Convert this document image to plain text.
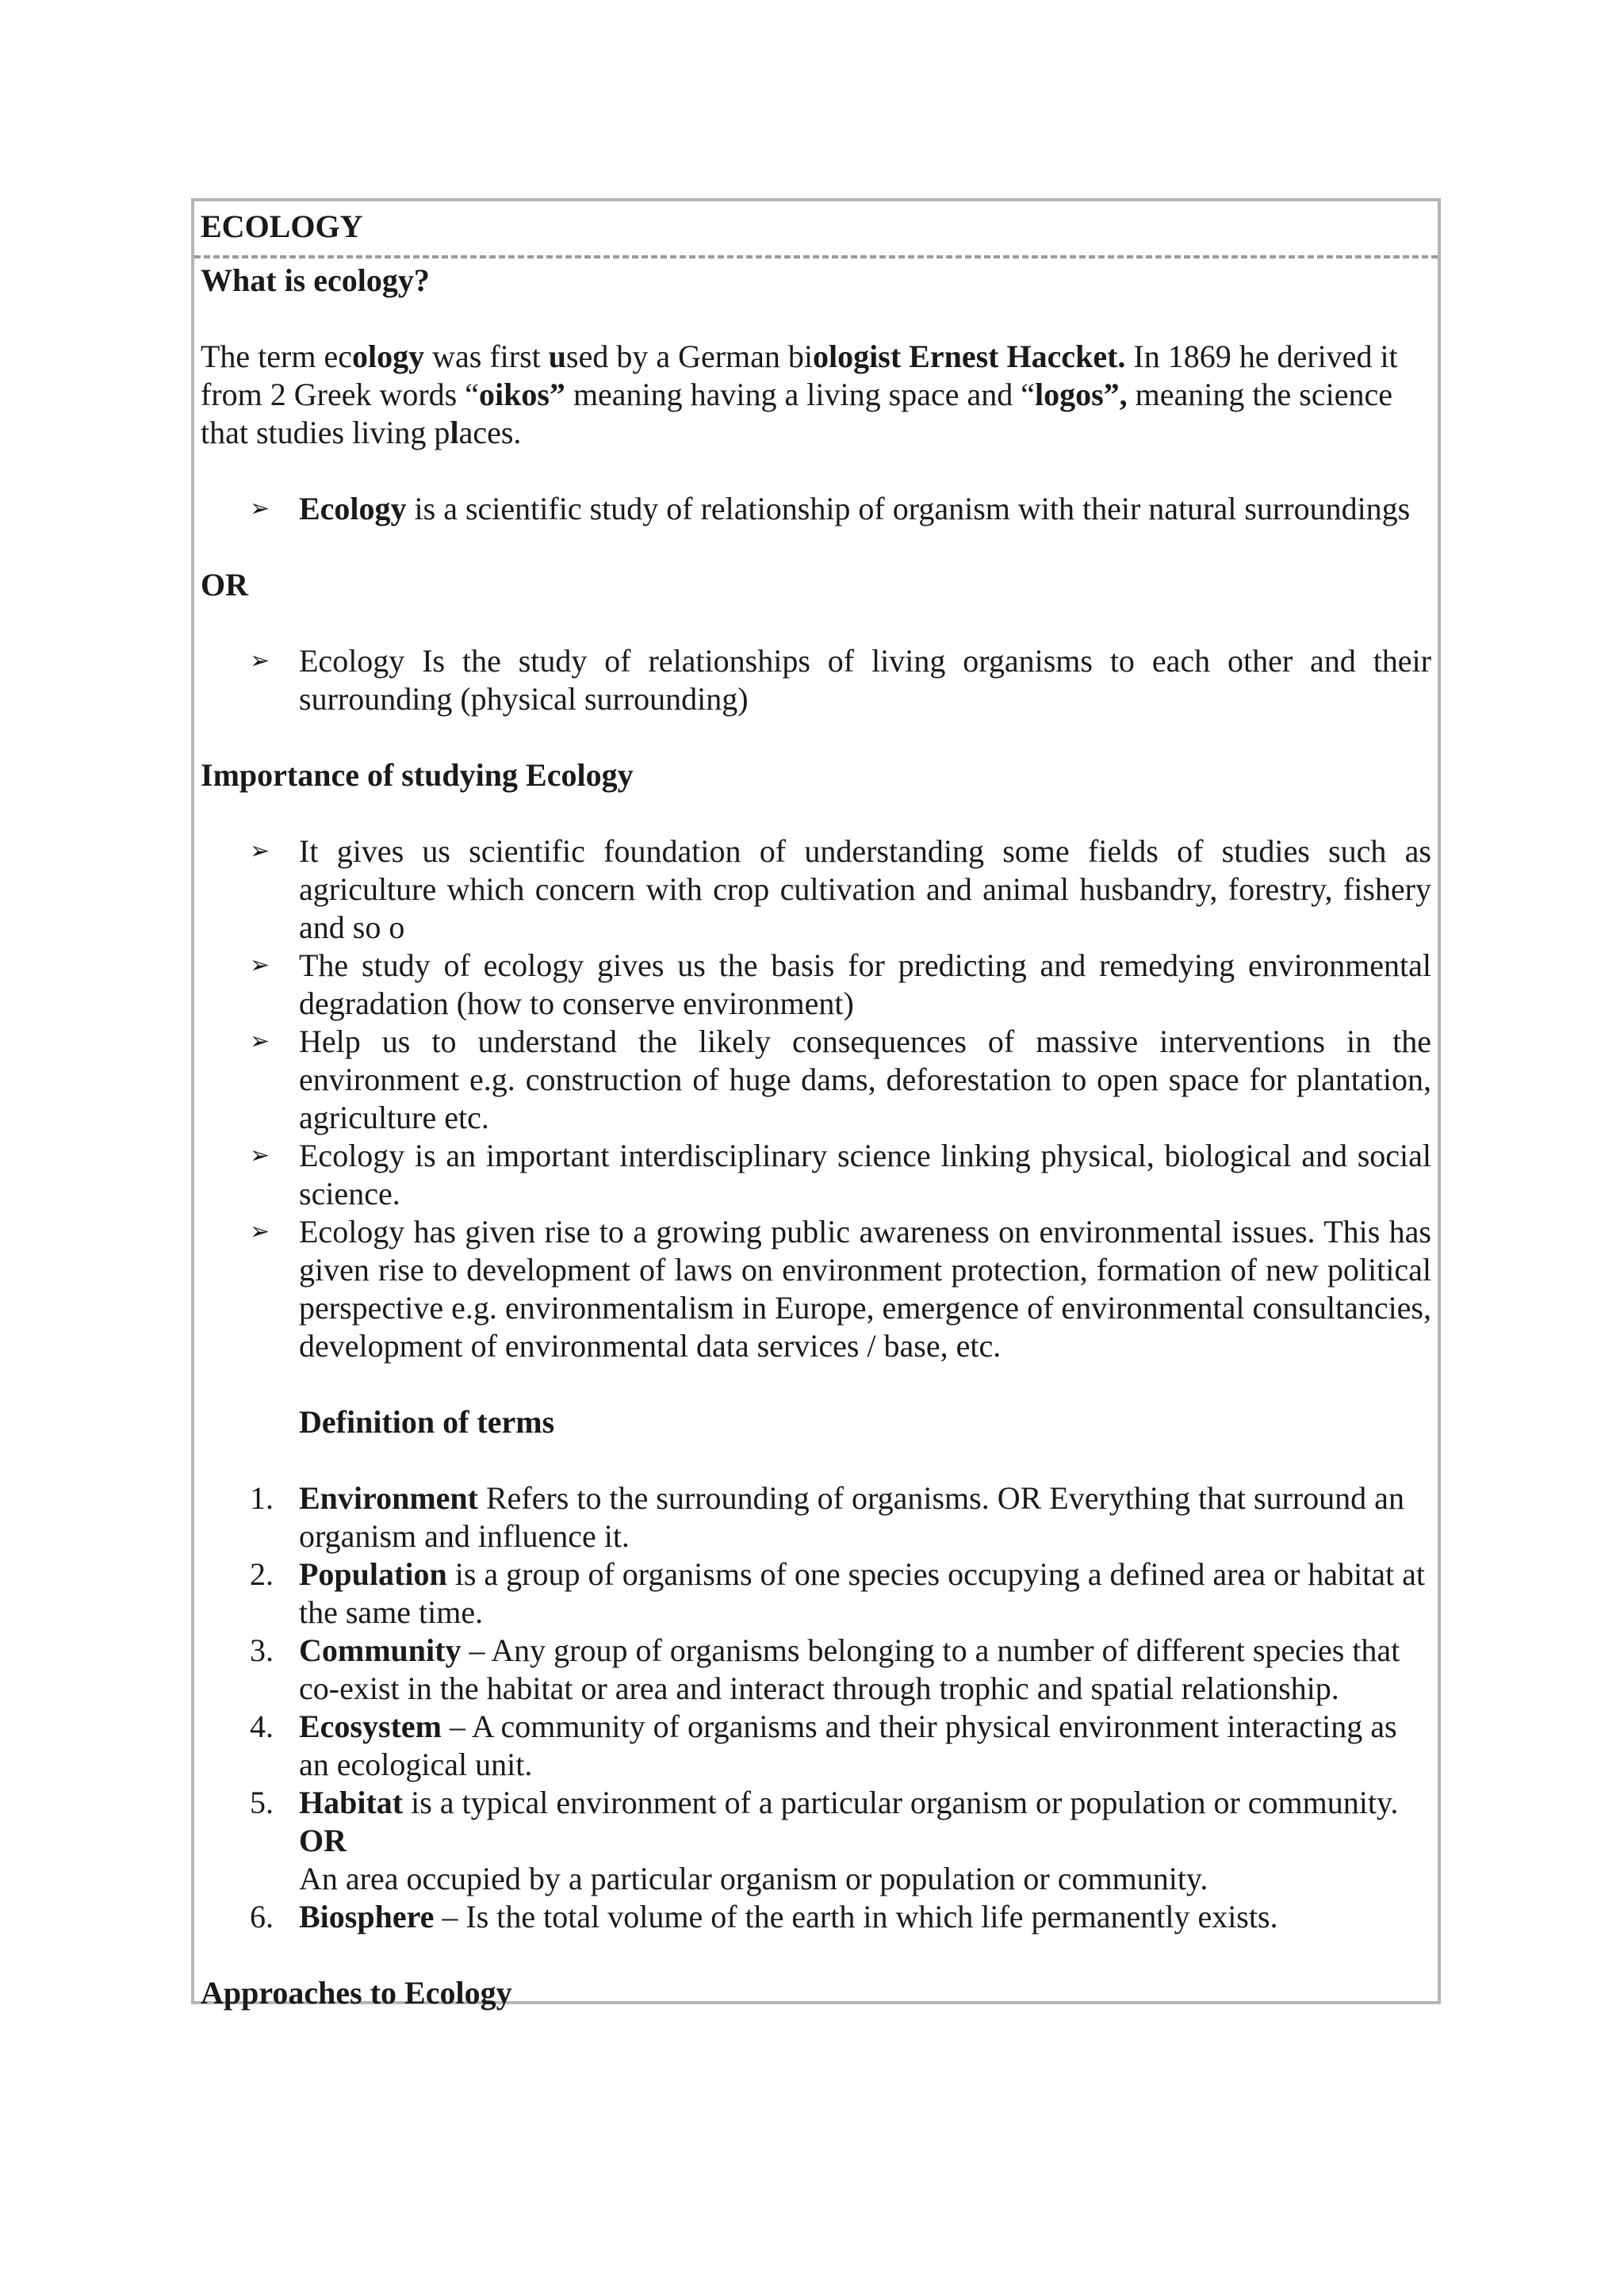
ECOLOGY

What is ecology?

The term ecology was first used by a German biologist Ernest Haccket. In 1869 he derived it from 2 Greek words “oikos” meaning having a living space and “logos”, meaning the science that studies living places.

➢ Ecology is a scientific study of relationship of organism with their natural surroundings

OR

➢ Ecology Is the study of relationships of living organisms to each other and their surrounding (physical surrounding)

Importance of studying Ecology

➢ It gives us scientific foundation of understanding some fields of studies such as agriculture which concern with crop cultivation and animal husbandry, forestry, fishery and so o

➢ The study of ecology gives us the basis for predicting and remedying environmental degradation (how to conserve environment)

➢ Help us to understand the likely consequences of massive interventions in the environment e.g. construction of huge dams, deforestation to open space for plantation, agriculture etc.

➢ Ecology is an important interdisciplinary science linking physical, biological and social science.

➢ Ecology has given rise to a growing public awareness on environmental issues. This has given rise to development of laws on environment protection, formation of new political perspective e.g. environmentalism in Europe, emergence of environmental consultancies, development of environmental data services / base, etc.

Definition of terms

1. Environment Refers to the surrounding of organisms. OR Everything that surround an organism and influence it.

2. Population is a group of organisms of one species occupying a defined area or habitat at the same time.

3. Community – Any group of organisms belonging to a number of different species that co-exist in the habitat or area and interact through trophic and spatial relationship.

4. Ecosystem – A community of organisms and their physical environment interacting as an ecological unit.

5. Habitat is a typical environment of a particular organism or population or community. OR

An area occupied by a particular organism or population or community.

6. Biosphere – Is the total volume of the earth in which life permanently exists.

Approaches to Ecology
